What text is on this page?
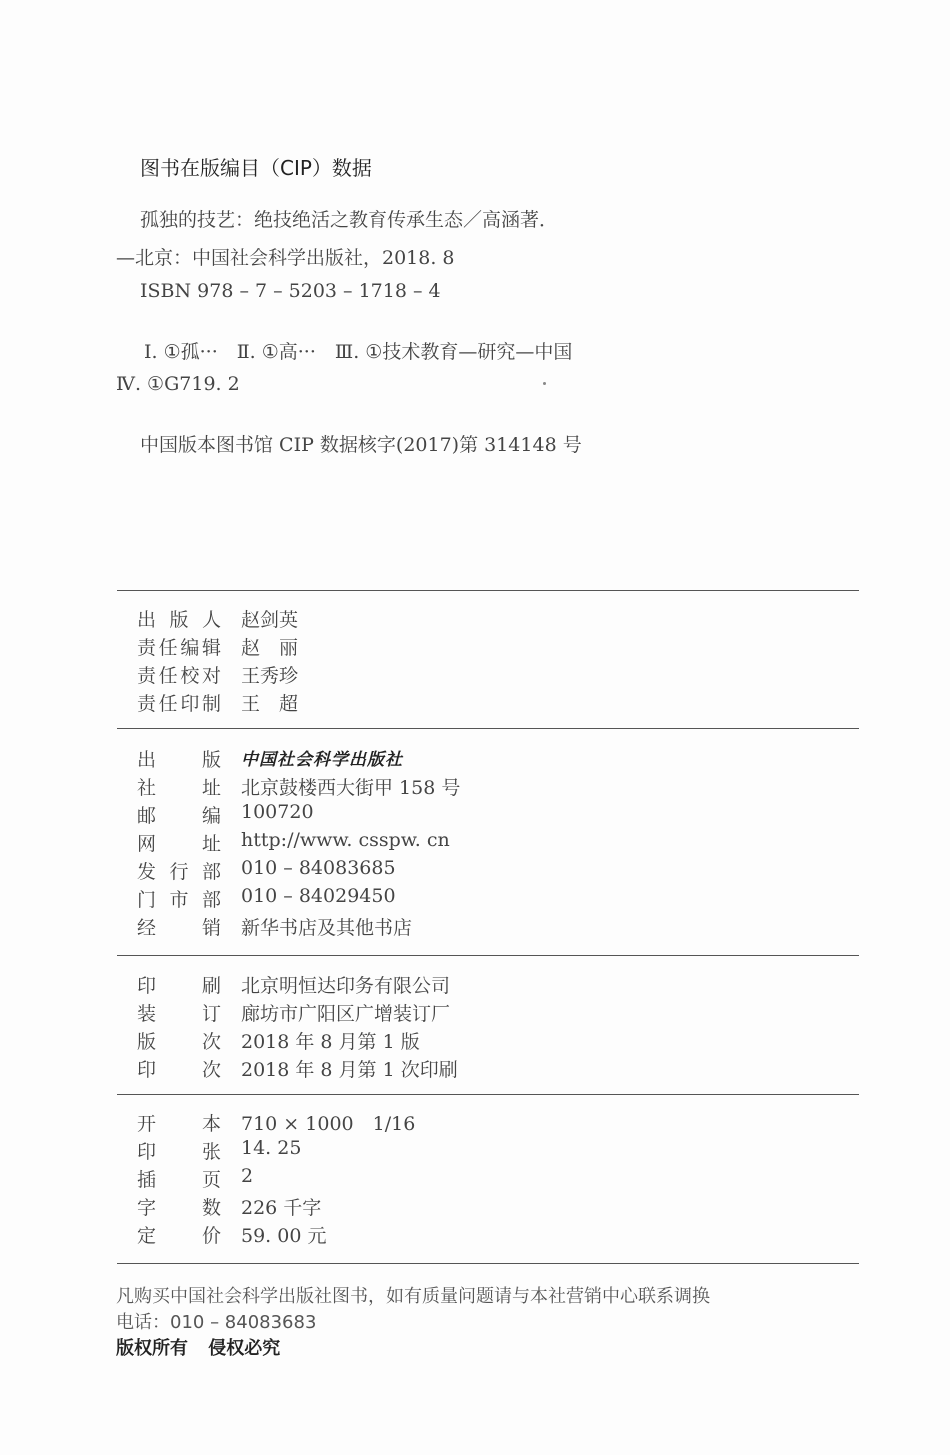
图书在版编目（CIP）数据
孤独的技艺：绝技绝活之教育传承生态／高涵著．
—北京：中国社会科学出版社，2018. 8
ISBN 978 – 7 – 5203 – 1718 – 4
Ⅰ. ①孤···　Ⅱ. ①高···　Ⅲ. ①技术教育—研究—中国
Ⅳ. ①G719. 2
中国版本图书馆 CIP 数据核字(2017)第 314148 号
出 版 人 赵剑英
责 任 编 辑 赵　丽
责 任 校 对 王秀珍
责 任 印 制 王　超
出 版 中国社会科学出版社
社 址 北京鼓楼西大街甲 158 号
邮 编 100720
网 址 http://www. csspw. cn
发 行 部 010 – 84083685
门 市 部 010 – 84029450
经 销 新华书店及其他书店
印 刷 北京明恒达印务有限公司
装 订 廊坊市广阳区广增装订厂
版 次 2018 年 8 月第 1 版
印 次 2018 年 8 月第 1 次印刷
开 本 710 × 1000　1/16
印 张 14. 25
插 页 2
字 数 226 千字
定 价 59. 00 元
凡购买中国社会科学出版社图书，如有质量问题请与本社营销中心联系调换
电话：010 – 84083683
版权所有 侵权必究
